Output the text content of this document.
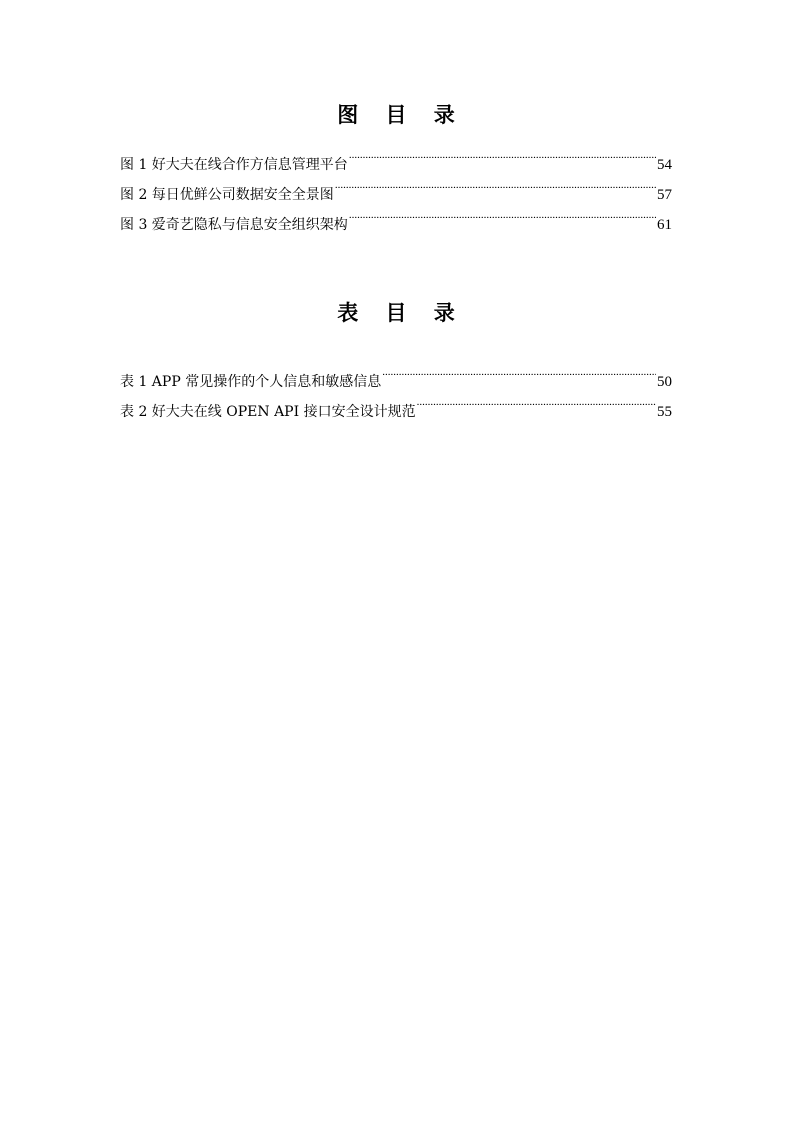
图 目 录
图 1 好大夫在线合作方信息管理平台 .....	54
图 2 每日优鲜公司数据安全全景图 .....	57
图 3 爱奇艺隐私与信息安全组织架构 .....	61
表 目 录
表 1 APP 常见操作的个人信息和敏感信息 .....	50
表 2 好大夫在线 OPEN API 接口安全设计规范 .....	55
